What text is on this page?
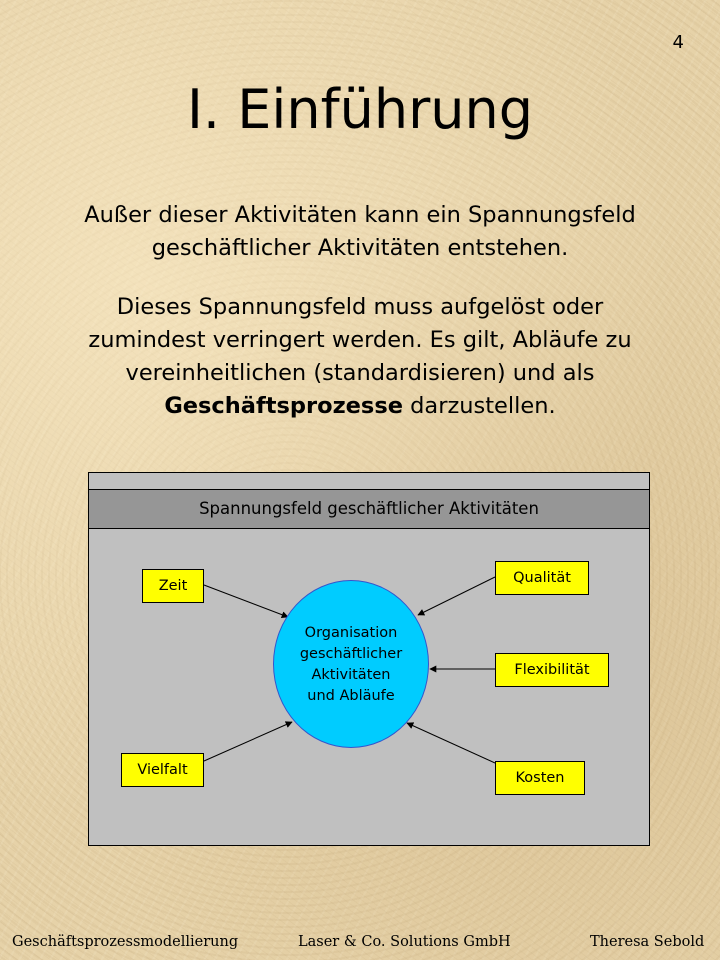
4
I. Einführung

Außer dieser Aktivitäten kann ein Spannungsfeld
geschäftlicher Aktivitäten entstehen.

Dieses Spannungsfeld muss aufgelöst oder
zumindest verringert werden. Es gilt, Abläufe zu
vereinheitlichen (standardisieren) und als
Geschäftsprozesse darzustellen.

Spannungsfeld geschäftlicher Aktivitäten
Zeit
Vielfalt
Qualität
Flexibilität
Kosten
Organisation
geschäftlicher
Aktivitäten
und Abläufe
Geschäftsprozessmodellierung	Laser & Co. Solutions GmbH	Theresa Sebold
